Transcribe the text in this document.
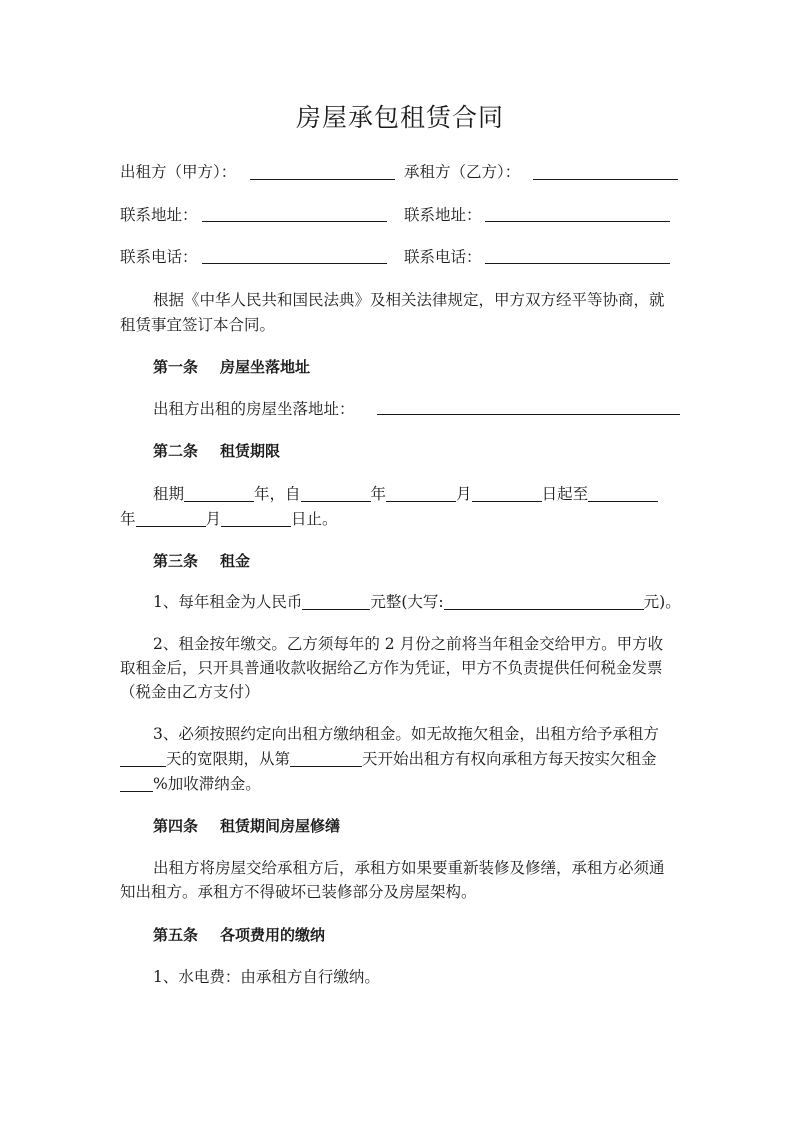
房屋承包租赁合同
出租方（甲方）：	承租方（乙方）：
联系地址：	联系地址：
联系电话：	联系电话：
根据《中华人民共和国民法典》及相关法律规定，甲方双方经平等协商，就
租赁事宜签订本合同。
第一条 房屋坐落地址
出租方出租的房屋坐落地址：
第二条 租赁期限
租期	年，自	年	月	日起至
年	月	日止。
第三条 租金
1、每年租金为人民币	元整(大写:	元)。
2、租金按年缴交。乙方须每年的 2 月份之前将当年租金交给甲方。甲方收
取租金后，只开具普通收款收据给乙方作为凭证，甲方不负责提供任何税金发票
（税金由乙方支付）
3、必须按照约定向出租方缴纳租金。如无故拖欠租金，出租方给予承租方
天的宽限期，从第	天开始出租方有权向承租方每天按实欠租金
%加收滞纳金。
第四条 租赁期间房屋修缮
出租方将房屋交给承租方后，承租方如果要重新装修及修缮，承租方必须通
知出租方。承租方不得破坏已装修部分及房屋架构。
第五条 各项费用的缴纳
1、水电费：由承租方自行缴纳。
